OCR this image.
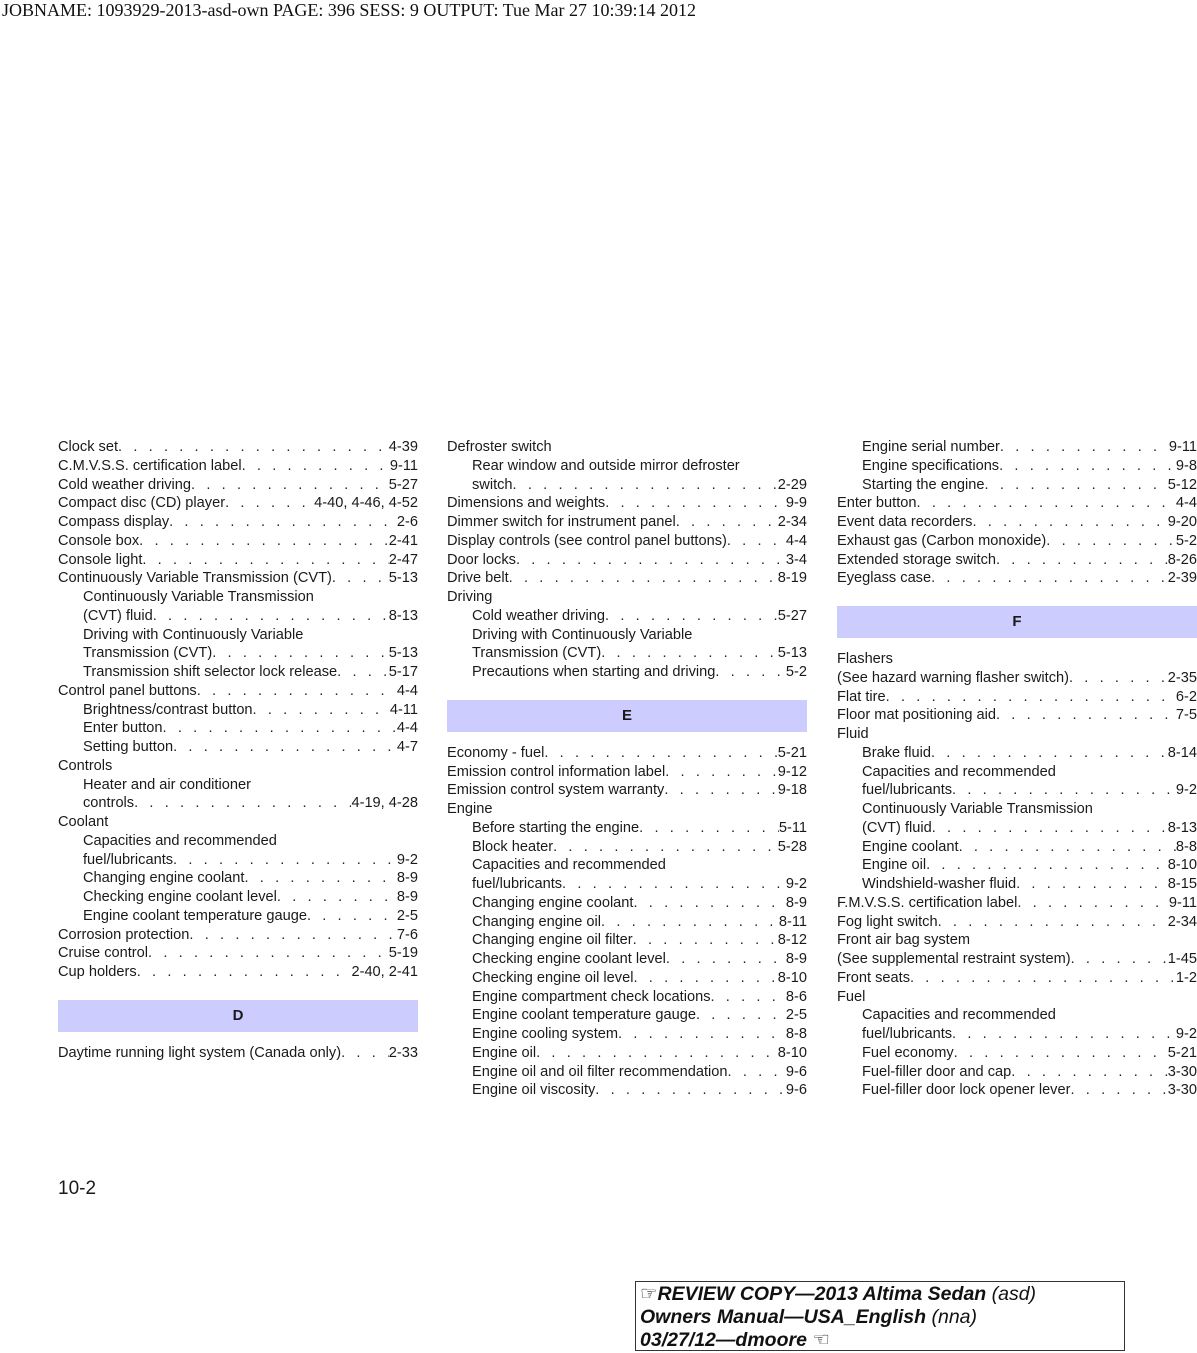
JOBNAME: 1093929-2013-asd-own PAGE: 396 SESS: 9 OUTPUT: Tue Mar 27 10:39:14 2012
Clock set . . .	4-39
C.M.V.S.S. certification label . . .	9-11
Cold weather driving . . .	5-27
Compact disc (CD) player . . .	4-40, 4-46, 4-52
Compass display . . .	2-6
Console box . . .	2-41
Console light . . .	2-47
Continuously Variable Transmission (CVT) . . .	5-13
Continuously Variable Transmission
(CVT) fluid . . .	8-13
Driving with Continuously Variable
Transmission (CVT) . . .	5-13
Transmission shift selector lock release . . .	5-17
Control panel buttons . . .	4-4
Brightness/contrast button . . .	4-11
Enter button . . .	4-4
Setting button . . .	4-7
Controls
Heater and air conditioner
controls . . .	4-19, 4-28
Coolant
Capacities and recommended
fuel/lubricants . . .	9-2
Changing engine coolant . . .	8-9
Checking engine coolant level . . .	8-9
Engine coolant temperature gauge . . .	2-5
Corrosion protection . . .	7-6
Cruise control . . .	5-19
Cup holders . . .	2-40, 2-41
D
Daytime running light system (Canada only) . . .	2-33
Defroster switch
Rear window and outside mirror defroster
switch . . .	2-29
Dimensions and weights . . .	9-9
Dimmer switch for instrument panel . . .	2-34
Display controls (see control panel buttons) . . .	4-4
Door locks . . .	3-4
Drive belt . . .	8-19
Driving
Cold weather driving . . .	5-27
Driving with Continuously Variable
Transmission (CVT) . . .	5-13
Precautions when starting and driving . . .	5-2
E
Economy - fuel . . .	5-21
Emission control information label . . .	9-12
Emission control system warranty . . .	9-18
Engine
Before starting the engine . . .	5-11
Block heater . . .	5-28
Capacities and recommended
fuel/lubricants . . .	9-2
Changing engine coolant . . .	8-9
Changing engine oil . . .	8-11
Changing engine oil filter . . .	8-12
Checking engine coolant level . . .	8-9
Checking engine oil level . . .	8-10
Engine compartment check locations . . .	8-6
Engine coolant temperature gauge . . .	2-5
Engine cooling system . . .	8-8
Engine oil . . .	8-10
Engine oil and oil filter recommendation . . .	9-6
Engine oil viscosity . . .	9-6
Engine serial number . . .	9-11
Engine specifications . . .	9-8
Starting the engine . . .	5-12
Enter button . . .	4-4
Event data recorders . . .	9-20
Exhaust gas (Carbon monoxide) . . .	5-2
Extended storage switch . . .	8-26
Eyeglass case . . .	2-39
F
Flashers
(See hazard warning flasher switch) . . .	2-35
Flat tire . . .	6-2
Floor mat positioning aid . . .	7-5
Fluid
Brake fluid . . .	8-14
Capacities and recommended
fuel/lubricants . . .	9-2
Continuously Variable Transmission
(CVT) fluid . . .	8-13
Engine coolant . . .	8-8
Engine oil . . .	8-10
Windshield-washer fluid . . .	8-15
F.M.V.S.S. certification label . . .	9-11
Fog light switch . . .	2-34
Front air bag system
(See supplemental restraint system) . . .	1-45
Front seats . . .	1-2
Fuel
Capacities and recommended
fuel/lubricants . . .	9-2
Fuel economy . . .	5-21
Fuel-filler door and cap . . .	3-30
Fuel-filler door lock opener lever . . .	3-30
10-2
☞REVIEW COPY—2013 Altima Sedan (asd)
Owners Manual—USA_English (nna)
03/27/12—dmoore ☜
